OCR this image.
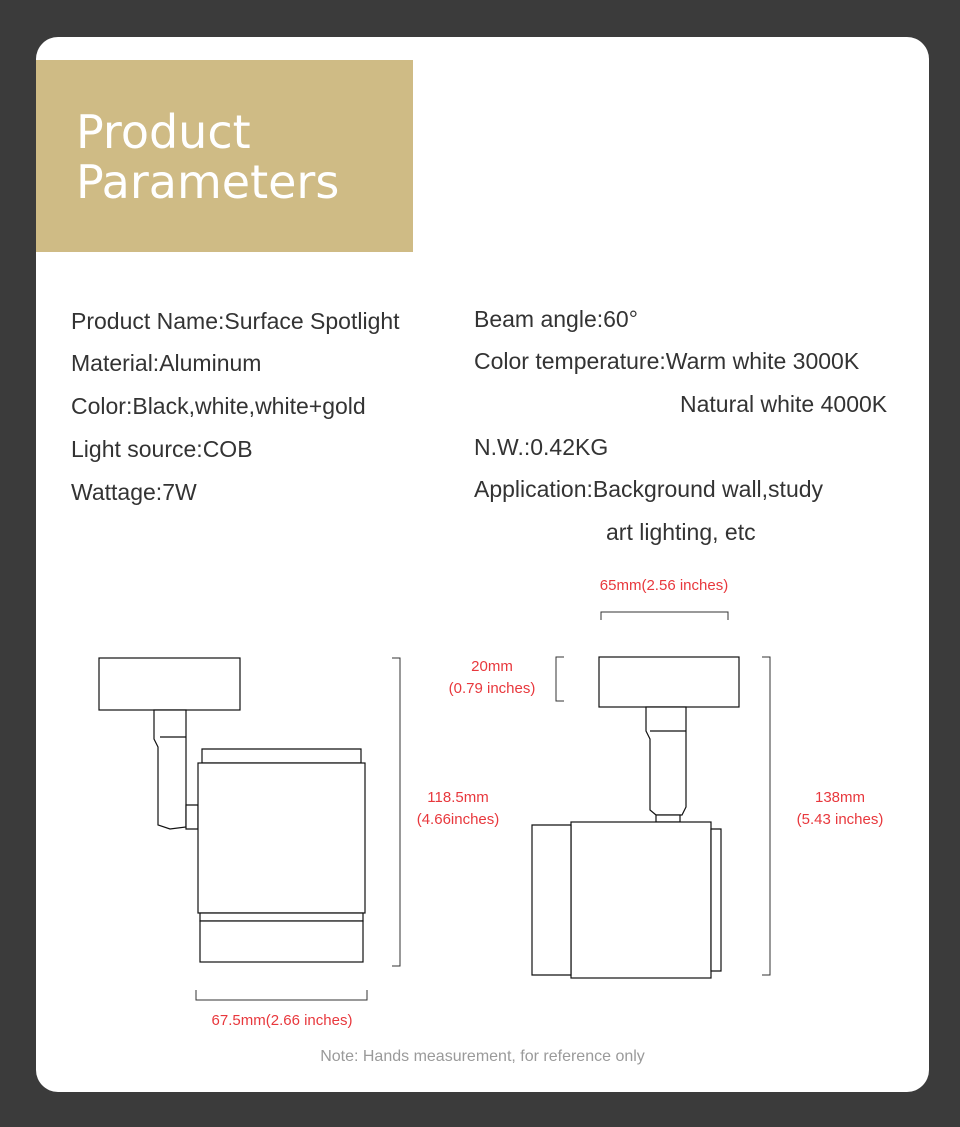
Product
Parameters
Product Name:Surface Spotlight
Material:Aluminum
Color:Black,white,white+gold
Light source:COB
Wattage:7W
Beam angle:60°
Color temperature:Warm white 3000K
Natural white 4000K
N.W.:0.42KG
Application:Background wall,study
art lighting, etc
118.5mm
(4.66inches)
67.5mm(2.66 inches)
65mm(2.56 inches)
20mm
(0.79 inches)
138mm
(5.43 inches)
Note: Hands measurement, for reference only
